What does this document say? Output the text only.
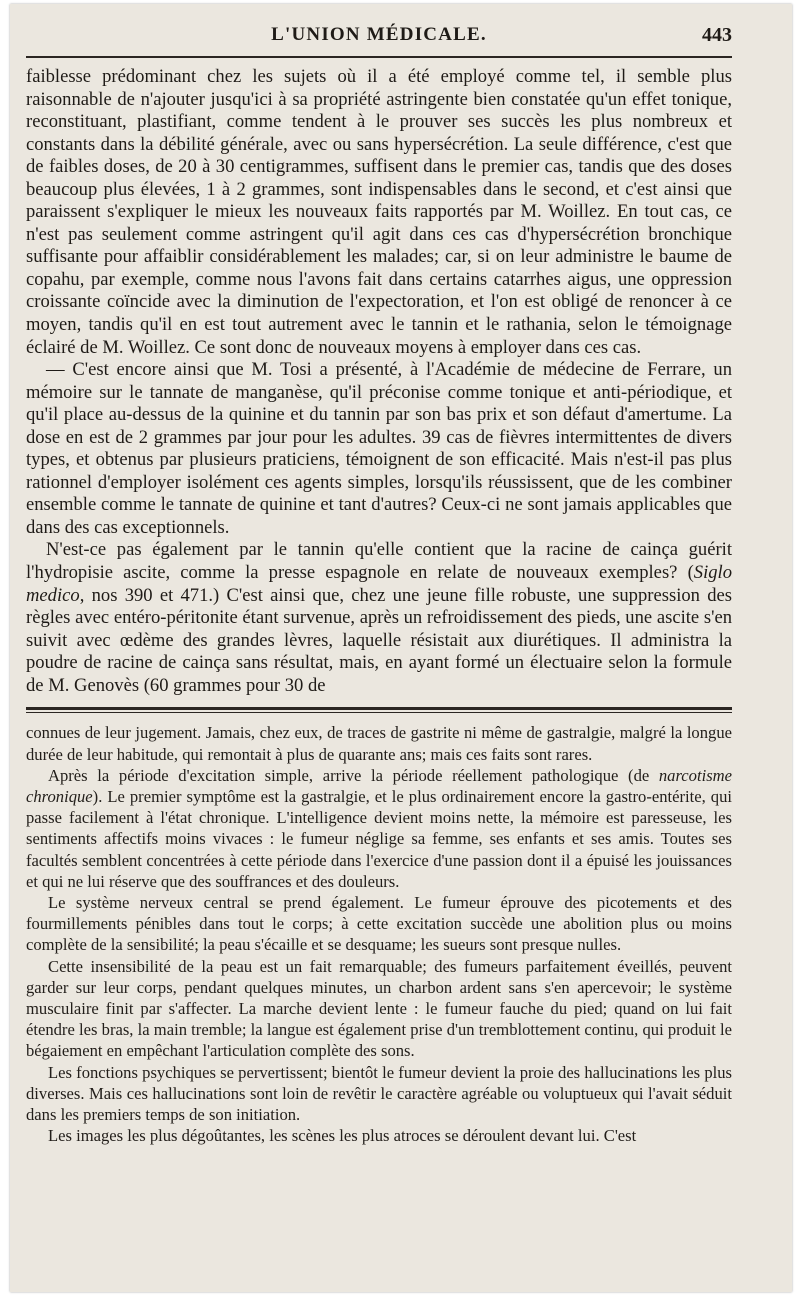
L'UNION MÉDICALE.	443

faiblesse prédominant chez les sujets où il a été employé comme tel, il semble plus raisonnable de n'ajouter jusqu'ici à sa propriété astringente bien constatée qu'un effet tonique, reconstituant, plastifiant, comme tendent à le prouver ses succès les plus nombreux et constants dans la débilité générale, avec ou sans hypersécrétion. La seule différence, c'est que de faibles doses, de 20 à 30 centigrammes, suffisent dans le premier cas, tandis que des doses beaucoup plus élevées, 1 à 2 grammes, sont indispensables dans le second, et c'est ainsi que paraissent s'expliquer le mieux les nouveaux faits rapportés par M. Woillez. En tout cas, ce n'est pas seulement comme astringent qu'il agit dans ces cas d'hypersécrétion bronchique suffisante pour affaiblir considérablement les malades; car, si on leur administre le baume de copahu, par exemple, comme nous l'avons fait dans certains catarrhes aigus, une oppression croissante coïncide avec la diminution de l'expectoration, et l'on est obligé de renoncer à ce moyen, tandis qu'il en est tout autrement avec le tannin et le rathania, selon le témoignage éclairé de M. Woillez. Ce sont donc de nouveaux moyens à employer dans ces cas.

— C'est encore ainsi que M. Tosi a présenté, à l'Académie de médecine de Ferrare, un mémoire sur le tannate de manganèse, qu'il préconise comme tonique et anti-périodique, et qu'il place au-dessus de la quinine et du tannin par son bas prix et son défaut d'amertume. La dose en est de 2 grammes par jour pour les adultes. 39 cas de fièvres intermittentes de divers types, et obtenus par plusieurs praticiens, témoignent de son efficacité. Mais n'est-il pas plus rationnel d'employer isolément ces agents simples, lorsqu'ils réussissent, que de les combiner ensemble comme le tannate de quinine et tant d'autres? Ceux-ci ne sont jamais applicables que dans des cas exceptionnels.

N'est-ce pas également par le tannin qu'elle contient que la racine de cainça guérit l'hydropisie ascite, comme la presse espagnole en relate de nouveaux exemples? (Siglo medico, nos 390 et 471.) C'est ainsi que, chez une jeune fille robuste, une suppression des règles avec entéro-péritonite étant survenue, après un refroidissement des pieds, une ascite s'en suivit avec œdème des grandes lèvres, laquelle résistait aux diurétiques. Il administra la poudre de racine de cainça sans résultat, mais, en ayant formé un électuaire selon la formule de M. Genovès (60 grammes pour 30 de

connues de leur jugement. Jamais, chez eux, de traces de gastrite ni même de gastralgie, malgré la longue durée de leur habitude, qui remontait à plus de quarante ans; mais ces faits sont rares.

Après la période d'excitation simple, arrive la période réellement pathologique (de narcotisme chronique). Le premier symptôme est la gastralgie, et le plus ordinairement encore la gastro-entérite, qui passe facilement à l'état chronique. L'intelligence devient moins nette, la mémoire est paresseuse, les sentiments affectifs moins vivaces : le fumeur néglige sa femme, ses enfants et ses amis. Toutes ses facultés semblent concentrées à cette période dans l'exercice d'une passion dont il a épuisé les jouissances et qui ne lui réserve que des souffrances et des douleurs.

Le système nerveux central se prend également. Le fumeur éprouve des picotements et des fourmillements pénibles dans tout le corps; à cette excitation succède une abolition plus ou moins complète de la sensibilité; la peau s'écaille et se desquame; les sueurs sont presque nulles.

Cette insensibilité de la peau est un fait remarquable; des fumeurs parfaitement éveillés, peuvent garder sur leur corps, pendant quelques minutes, un charbon ardent sans s'en apercevoir; le système musculaire finit par s'affecter. La marche devient lente : le fumeur fauche du pied; quand on lui fait étendre les bras, la main tremble; la langue est également prise d'un tremblottement continu, qui produit le bégaiement en empêchant l'articulation complète des sons.

Les fonctions psychiques se pervertissent; bientôt le fumeur devient la proie des hallucinations les plus diverses. Mais ces hallucinations sont loin de revêtir le caractère agréable ou voluptueux qui l'avait séduit dans les premiers temps de son initiation.

Les images les plus dégoûtantes, les scènes les plus atroces se déroulent devant lui. C'est
